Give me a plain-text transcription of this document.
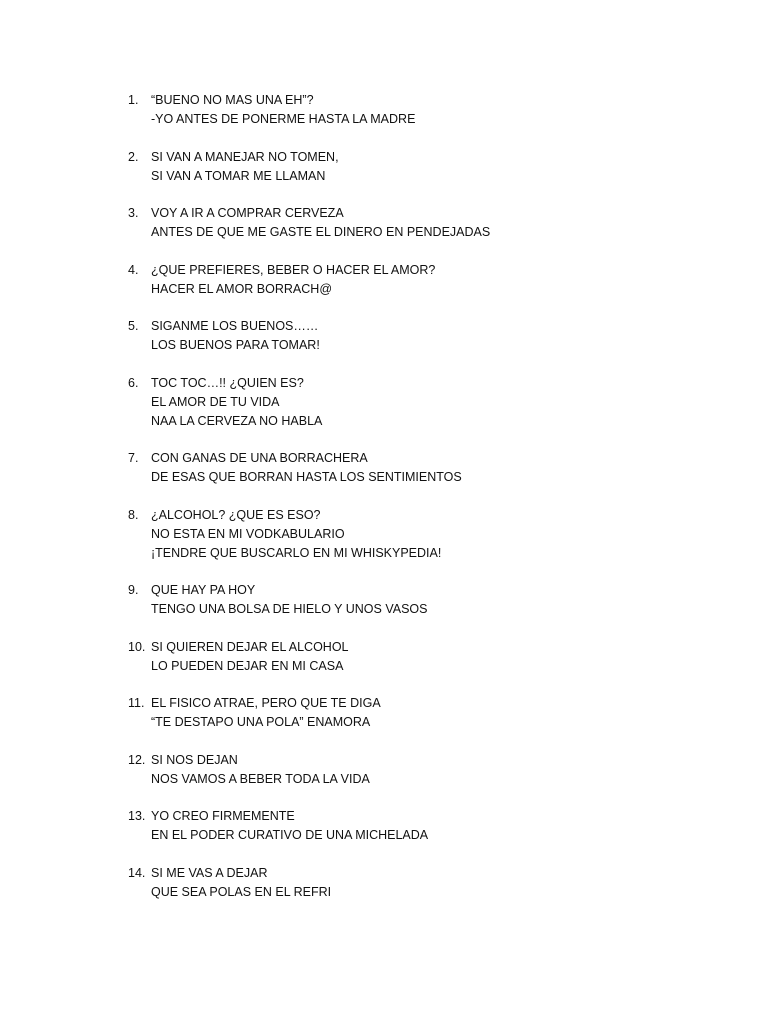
1.	“BUENO NO MAS UNA EH”?
-YO ANTES DE PONERME HASTA LA MADRE
2.	SI VAN A MANEJAR NO TOMEN,
SI VAN A TOMAR ME LLAMAN
3.	VOY A IR A COMPRAR CERVEZA
ANTES DE QUE ME GASTE EL DINERO EN PENDEJADAS
4.	¿QUE PREFIERES, BEBER O HACER EL AMOR?
HACER EL AMOR BORRACH@
5.	SIGANME LOS BUENOS……
LOS BUENOS PARA TOMAR!
6.	TOC TOC…!! ¿QUIEN ES?
EL AMOR DE TU VIDA
NAA LA CERVEZA NO HABLA
7.	CON GANAS DE UNA BORRACHERA
DE ESAS QUE BORRAN HASTA LOS SENTIMIENTOS
8.	¿ALCOHOL? ¿QUE ES ESO?
NO ESTA EN MI VODKABULARIO
¡TENDRE QUE BUSCARLO EN MI WHISKYPEDIA!
9.	QUE HAY PA HOY
TENGO UNA BOLSA DE HIELO Y UNOS VASOS
10. SI QUIEREN DEJAR EL ALCOHOL
LO PUEDEN DEJAR EN MI CASA
11. EL FISICO ATRAE, PERO QUE TE DIGA
“TE DESTAPO UNA POLA” ENAMORA
12. SI NOS DEJAN
NOS VAMOS A BEBER TODA LA VIDA
13. YO CREO FIRMEMENTE
EN EL PODER CURATIVO DE UNA MICHELADA
14. SI ME VAS A DEJAR
QUE SEA POLAS EN EL REFRI
